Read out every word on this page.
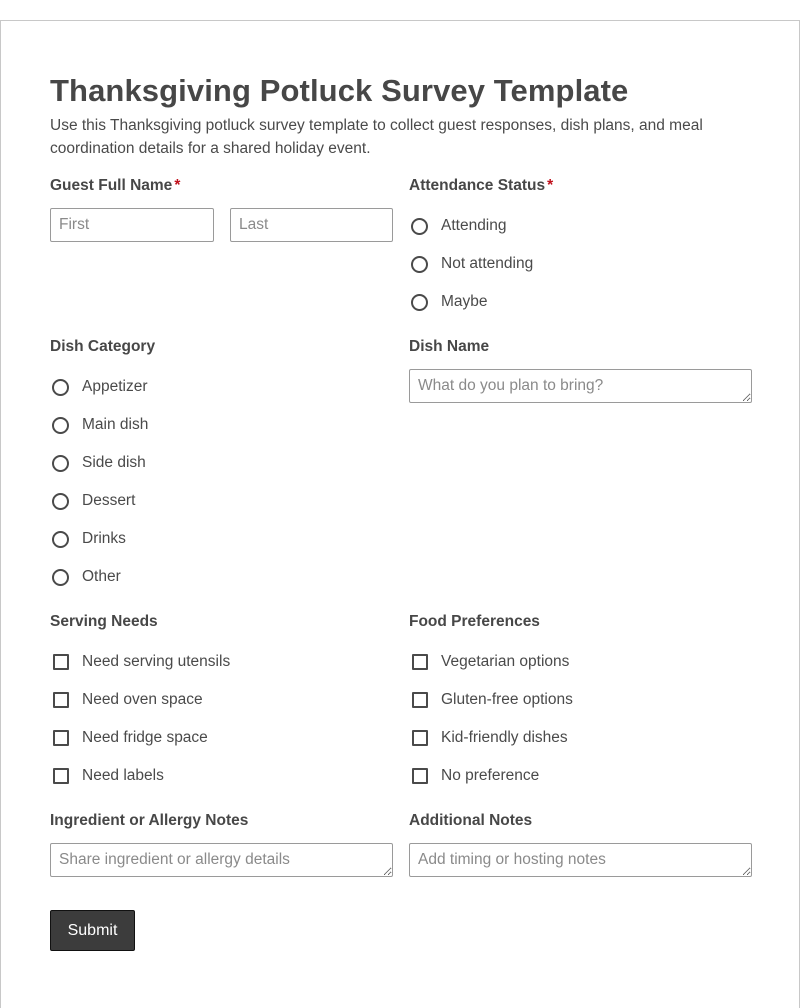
Thanksgiving Potluck Survey Template

Use this Thanksgiving potluck survey template to collect guest responses, dish plans, and meal coordination details for a shared holiday event.

Guest Full Name *
First
Last	Attendance Status *
Attending
Not attending
Maybe
Dish Category
Appetizer
Main dish
Side dish
Dessert
Drinks
Other
Dish Name
What do you plan to bring?
Serving Needs
Need serving utensils
Need oven space
Need fridge space
Need labels
Food Preferences
Vegetarian options
Gluten-free options
Kid-friendly dishes
No preference
Ingredient or Allergy Notes
Share ingredient or allergy details	Additional Notes
Add timing or hosting notes
Submit
